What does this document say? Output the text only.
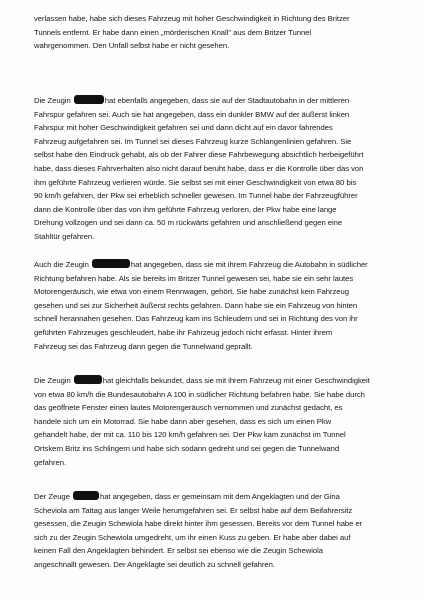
verlassen habe, habe sich dieses Fahrzeug mit hoher Geschwindigkeit in Richtung des Britzer
Tunnels entfernt. Er habe dann einen „mörderischen Knall" aus dem Britzer Tunnel
wahrgenommen. Den Unfall selbst habe er nicht gesehen.
Die Zeugin	hat ebenfalls angegeben, dass sie auf der Stadtautobahn in der mittleren
Fahrspur gefahren sei. Auch sie hat angegeben, dass ein dunkler BMW auf der äußerst linken
Fahrspur mit hoher Geschwindigkeit gefahren sei und dann dicht auf ein davor fahrendes
Fahrzeug aufgefahren sei. Im Tunnel sei dieses Fahrzeug kurze Schlangenlinien gefahren. Sie
selbst habe den Eindruck gehabt, als ob der Fahrer diese Fahrbewegung absichtlich herbeigeführt
habe, dass dieses Fahrverhalten also nicht darauf beruht habe, dass er die Kontrolle über das von
ihm geführte Fahrzeug verlieren würde. Sie selbst sei mit einer Geschwindigkeit von etwa 80 bis
90 km/h gefahren, der Pkw sei erheblich schneller gewesen. Im Tunnel habe der Fahrzeugführer
dann die Kontrolle über das von ihm geführte Fahrzeug verloren, der Pkw habe eine lange
Drehung vollzogen und sei dann ca. 50 m rückwärts gefahren und anschließend gegen eine
Stahltür gefahren.
Auch die Zeugin	hat angegeben, dass sie mit ihrem Fahrzeug die Autobahn in südlicher
Richtung befahren habe. Als sie bereits im Britzer Tunnel gewesen sei, habe sie ein sehr lautes
Motorengeräusch, wie etwa von einem Rennwagen, gehört. Sie habe zunächst kein Fahrzeug
gesehen und sei zur Sicherheit äußerst rechts gefahren. Dann habe sie ein Fahrzeug von hinten
schnell herannahen gesehen. Das Fahrzeug kam ins Schleudern und sei in Richtung des von ihr
geführten Fahrzeuges geschleudert, habe ihr Fahrzeug jedoch nicht erfasst. Hinter ihrem
Fahrzeug sei das Fahrzeug dann gegen die Tunnelwand geprallt.
Die Zeugin	hat gleichfalls bekundet, dass sie mit ihrem Fahrzeug mit einer Geschwindigkeit
von etwa 80 km/h die Bundesautobahn A 100 in südlicher Richtung befahren habe. Sie habe durch
das geöffnete Fenster einen lautes Motorengeräusch vernommen und zunächst gedacht, es
handele sich um ein Motorrad. Sie habe dann aber gesehen, dass es sich um einen Pkw
gehandelt habe, der mit ca. 110 bis 120 km/h gefahren sei. Der Pkw kam zunächst im Tunnel
Ortskern Britz ins Schlingern und habe sich sodann gedreht und sei gegen die Tunnelwand
gefahren.
Der Zeuge	hat angegeben, dass er gemeinsam mit dem Angeklagten und der Gina
Scheviola am Tattag aus langer Weile herumgefahren sei. Er selbst habe auf dem Beifahrersitz
gesessen, die Zeugin Schewiola habe direkt hinter ihm gesessen. Bereits vor dem Tunnel habe er
sich zu der Zeugin Schewiola umgedreht, um ihr einen Kuss zu geben. Er habe aber dabei auf
keinen Fall den Angeklagten behindert. Er selbst sei ebenso wie die Zeugin Schewiola
angeschnallt gewesen. Der Angeklagte sei deutlich zu schnell gefahren.
